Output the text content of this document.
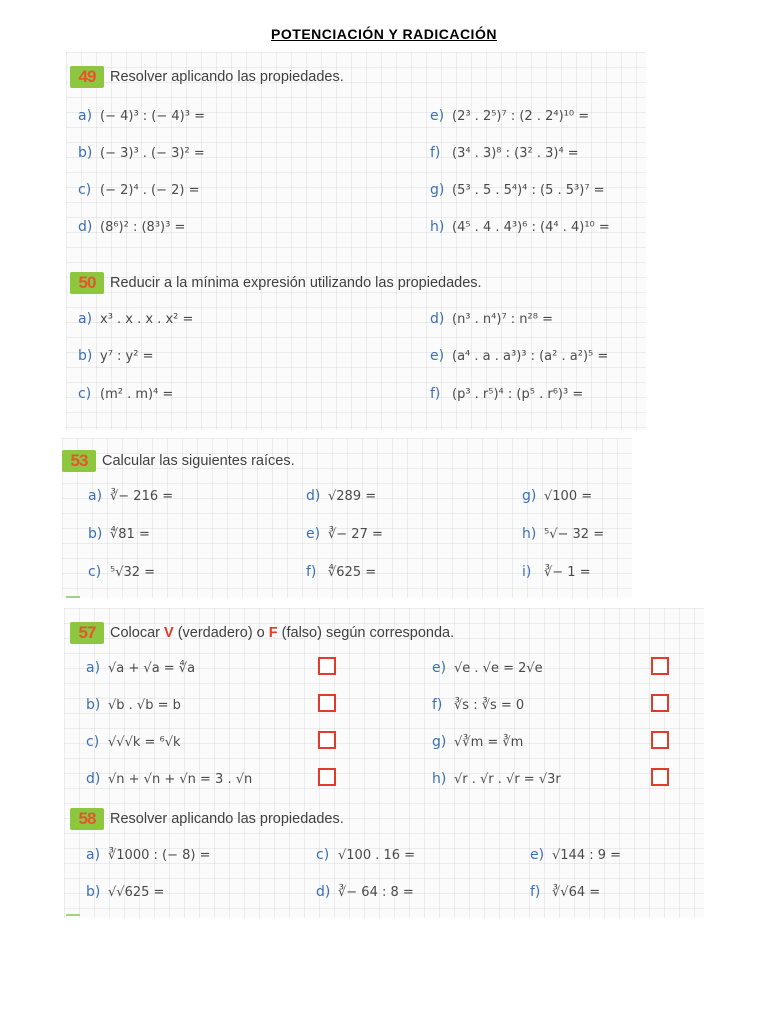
POTENCIACIÓN Y RADICACIÓN
49	Resolver aplicando las propiedades.
a) (− 4)³ : (− 4)³ =
b) (− 3)³ . (− 3)² =
c) (− 2)⁴ . (− 2) =
d) (8⁶)² : (8³)³ =
e) (2³ . 2⁵)⁷ : (2 . 2⁴)¹⁰ =
f) (3⁴ . 3)⁸ : (3² . 3)⁴ =
g) (5³ . 5 . 5⁴)⁴ : (5 . 5³)⁷ =
h) (4⁵ . 4 . 4³)⁶ : (4⁴ . 4)¹⁰ =
50	Reducir a la mínima expresión utilizando las propiedades.
a) x³ . x . x . x² =
b) y⁷ : y² =
c) (m² . m)⁴ =
d) (n³ . n⁴)⁷ : n²⁸ =
e) (a⁴ . a . a³)³ : (a² . a²)⁵ =
f) (p³ . r⁵)⁴ : (p⁵ . r⁶)³ =
53	Calcular las siguientes raíces.
a) ∛− 216 =
b) ∜81 =
c) ⁵√32 =
d) √289 =
e) ∛− 27 =
f) ∜625 =
g) √100 =
h) ⁵√− 32 =
i) ∛− 1 =
57	Colocar V (verdadero) o F (falso) según corresponda.
a) √a + √a = ∜a
b) √b . √b = b
c) √√√k = ⁶√k
d) √n + √n + √n = 3 . √n
e) √e . √e = 2√e
f) ∛s : ∛s = 0
g) √∛m = ∛m
h) √r . √r . √r = √3r
58	Resolver aplicando las propiedades.
a) ∛1000 : (− 8) =
b) √√625 =
c) √100 . 16 =
d) ∛− 64 : 8 =
e) √144 : 9 =
f) ∛√64 =
